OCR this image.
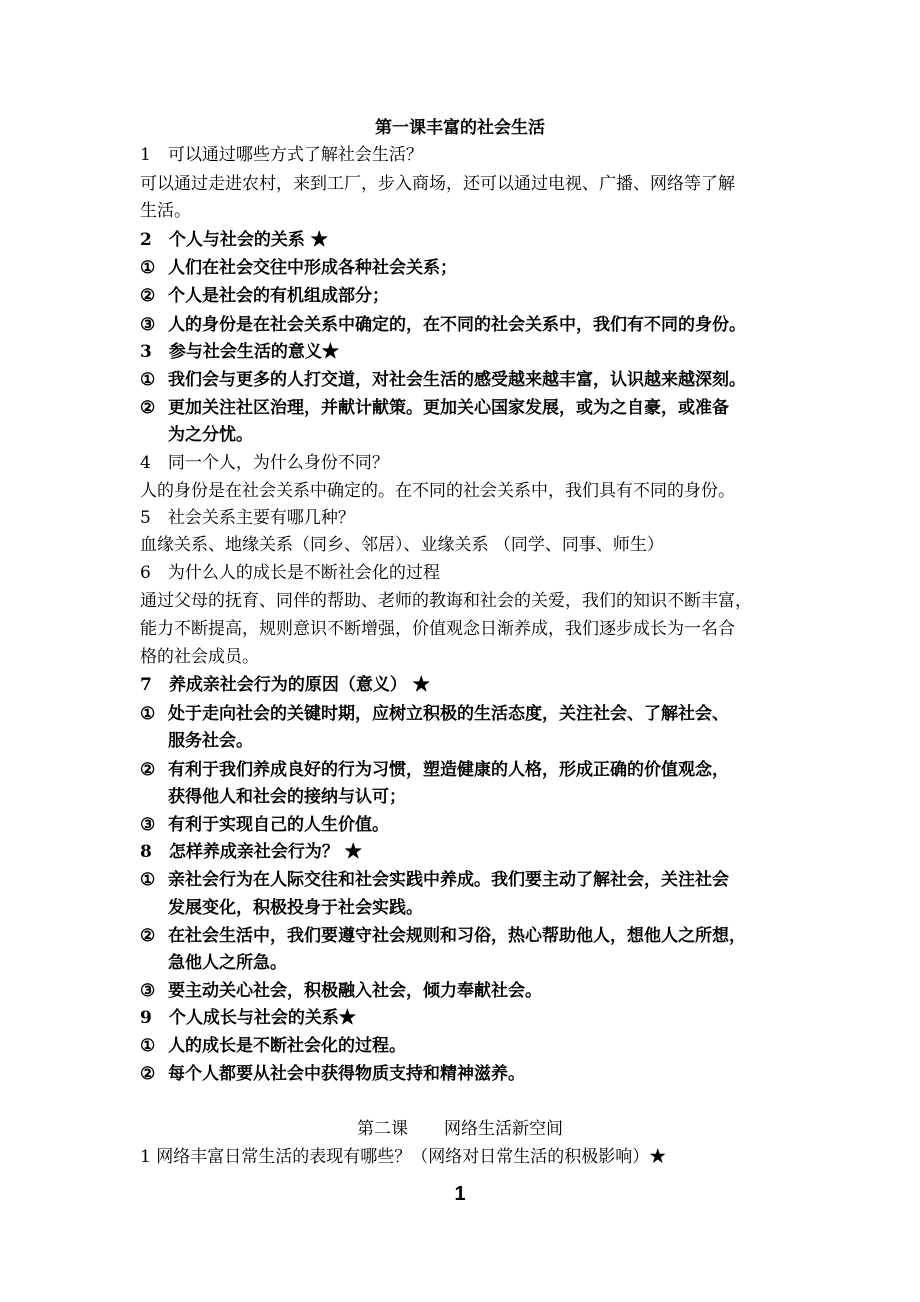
第一课丰富的社会生活
1　可以通过哪些方式了解社会生活？
可以通过走进农村，来到工厂，步入商场，还可以通过电视、广播、网络等了解
生活。
2　个人与社会的关系 ★
① 人们在社会交往中形成各种社会关系；
② 个人是社会的有机组成部分；
③ 人的身份是在社会关系中确定的，在不同的社会关系中，我们有不同的身份。
3　参与社会生活的意义★
① 我们会与更多的人打交道，对社会生活的感受越来越丰富，认识越来越深刻。
② 更加关注社区治理，并献计献策。更加关心国家发展，或为之自豪，或准备
为之分忧。
4　同一个人，为什么身份不同？
人的身份是在社会关系中确定的。在不同的社会关系中，我们具有不同的身份。
5　社会关系主要有哪几种？
血缘关系、地缘关系（同乡、邻居）、业缘关系 （同学、同事、师生）
6　为什么人的成长是不断社会化的过程
通过父母的抚育、同伴的帮助、老师的教诲和社会的关爱，我们的知识不断丰富，
能力不断提高，规则意识不断增强，价值观念日渐养成，我们逐步成长为一名合
格的社会成员。
7　养成亲社会行为的原因（意义） ★
① 处于走向社会的关键时期，应树立积极的生活态度，关注社会、了解社会、
服务社会。
② 有利于我们养成良好的行为习惯，塑造健康的人格，形成正确的价值观念，
获得他人和社会的接纳与认可；
③ 有利于实现自己的人生价值。
8　怎样养成亲社会行为？ ★
① 亲社会行为在人际交往和社会实践中养成。我们要主动了解社会，关注社会
发展变化，积极投身于社会实践。
② 在社会生活中，我们要遵守社会规则和习俗，热心帮助他人，想他人之所想，
急他人之所急。
③ 要主动关心社会，积极融入社会，倾力奉献社会。
9　个人成长与社会的关系★
① 人的成长是不断社会化的过程。
② 每个人都要从社会中获得物质支持和精神滋养。
第二课 网络生活新空间
1 网络丰富日常生活的表现有哪些？（网络对日常生活的积极影响）★
1
